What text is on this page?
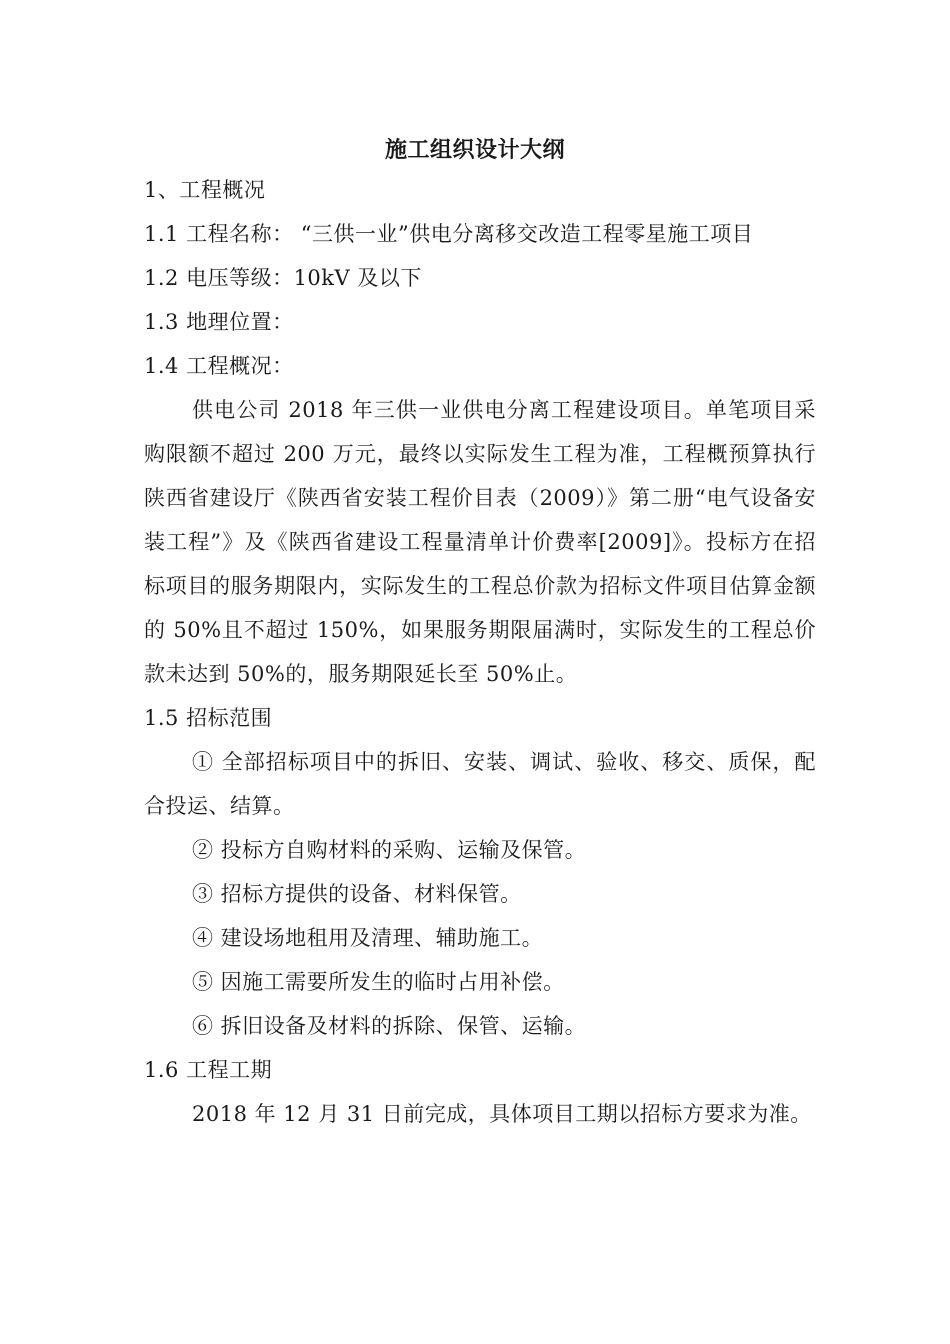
施工组织设计大纲

1、工程概况

1.1 工程名称： “三供一业”供电分离移交改造工程零星施工项目

1.2 电压等级：10kV 及以下

1.3 地理位置：

1.4 工程概况：

供电公司 2018 年三供一业供电分离工程建设项目。单笔项目采购限额不超过 200 万元，最终以实际发生工程为准，工程概预算执行陕西省建设厅《陕西省安装工程价目表（2009）》第二册“电气设备安装工程”》及《陕西省建设工程量清单计价费率[2009]》。投标方在招标项目的服务期限内，实际发生的工程总价款为招标文件项目估算金额的 50%且不超过 150%，如果服务期限届满时，实际发生的工程总价款未达到 50%的，服务期限延长至 50%止。

1.5 招标范围

① 全部招标项目中的拆旧、安装、调试、验收、移交、质保，配合投运、结算。

② 投标方自购材料的采购、运输及保管。

③ 招标方提供的设备、材料保管。

④ 建设场地租用及清理、辅助施工。

⑤ 因施工需要所发生的临时占用补偿。

⑥ 拆旧设备及材料的拆除、保管、运输。

1.6 工程工期

2018 年 12 月 31 日前完成，具体项目工期以招标方要求为准。
